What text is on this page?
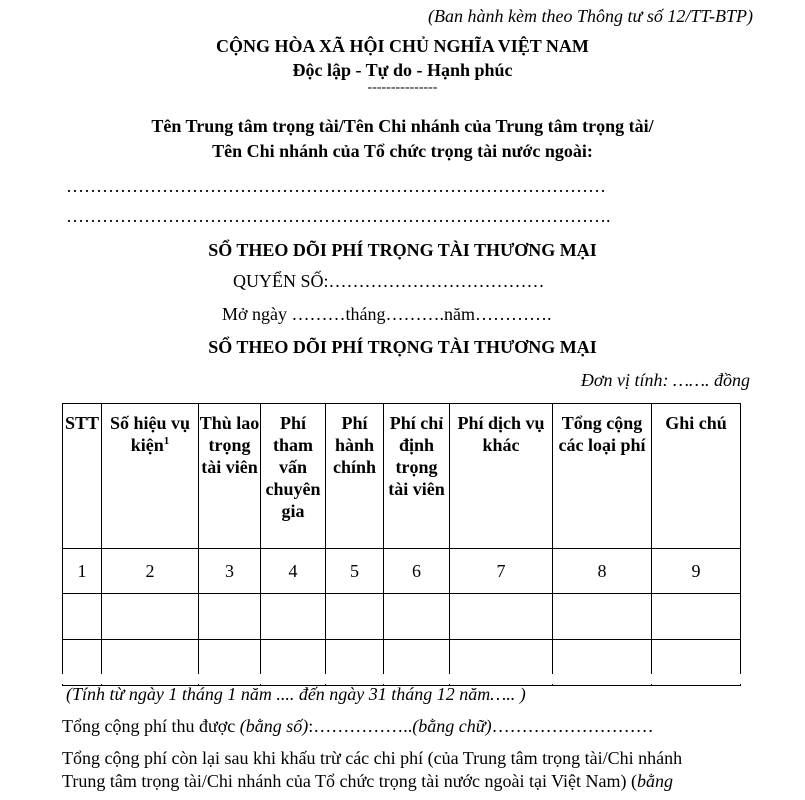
(Ban hành kèm theo Thông tư số 12/TT-BTP)
CỘNG HÒA XÃ HỘI CHỦ NGHĨA VIỆT NAM
Độc lập - Tự do - Hạnh phúc
---------------
Tên Trung tâm trọng tài/Tên Chi nhánh của Trung tâm trọng tài/
Tên Chi nhánh của Tổ chức trọng tài nước ngoài:
………………………………………………………………………………
……………………………………………………………………………….
SỔ THEO DÕI PHÍ TRỌNG TÀI THƯƠNG MẠI
QUYỂN SỐ:………………………………
Mở ngày ………tháng……….năm………….
SỔ THEO DÕI PHÍ TRỌNG TÀI THƯƠNG MẠI
Đơn vị tính: ……. đồng
STT	Số hiệu vụ kiện$^1$	Thù lao trọng tài viên	Phí tham vấn chuyên gia	Phí hành chính	Phí chỉ định trọng tài viên	Phí dịch vụ khác	Tổng cộng các loại phí	Ghi chú
1	2	3	4	5	6	7	8	9

(Tính từ ngày 1 tháng 1 năm .... đến ngày 31 tháng 12 năm….. )
Tổng cộng phí thu được (bằng số):……………..(bằng chữ)………………………
Tổng cộng phí còn lại sau khi khấu trừ các chi phí (của Trung tâm trọng tài/Chi nhánh
Trung tâm trọng tài/Chi nhánh của Tổ chức trọng tài nước ngoài tại Việt Nam) (bằng
